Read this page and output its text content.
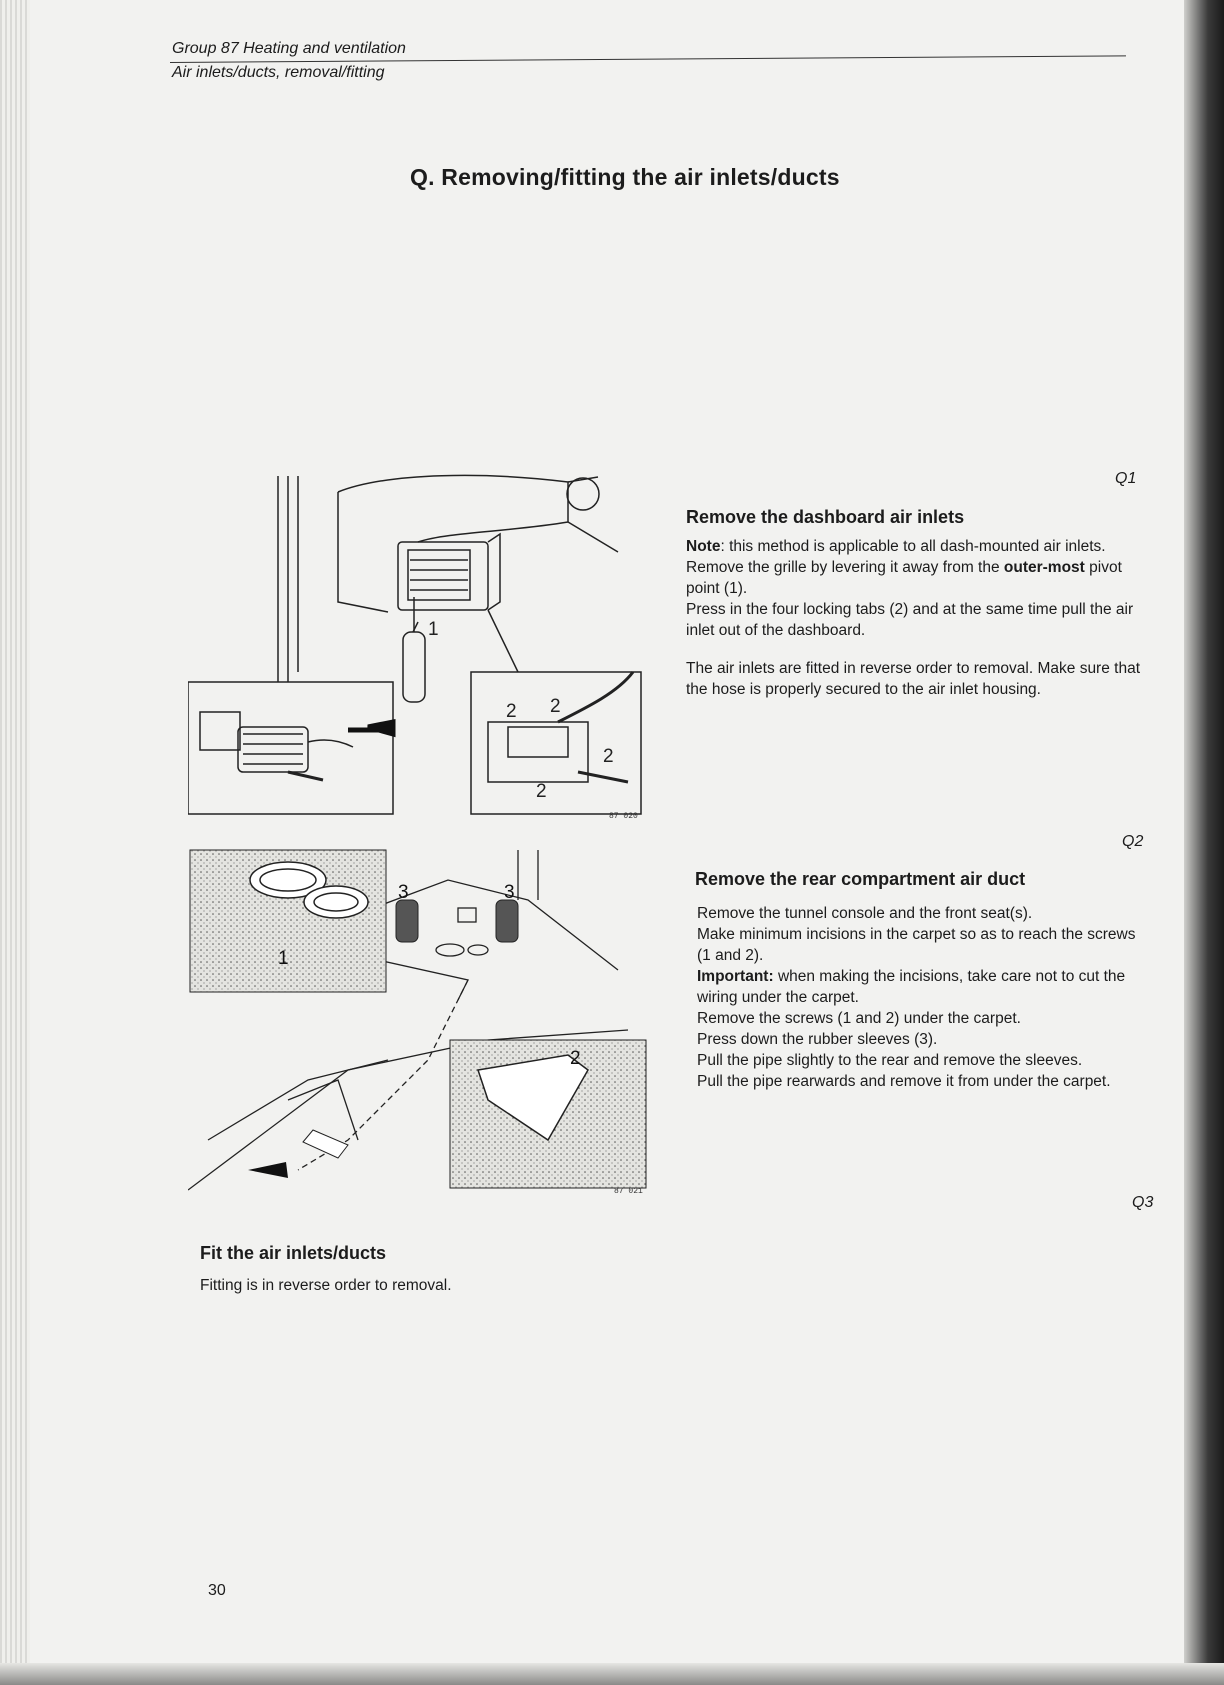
Group 87 Heating and ventilation
Air inlets/ducts, removal/fitting
Q. Removing/fitting the air inlets/ducts
1
2 2
2
2
87 020
1
2
3	3
87 021
Q1
Remove the dashboard air inlets

Note: this method is applicable to all dash-mounted air inlets.

Remove the grille by levering it away from the outer-most pivot point (1).

Press in the four locking tabs (2) and at the same time pull the air inlet out of the dashboard.

The air inlets are fitted in reverse order to removal. Make sure that the hose is properly secured to the air inlet housing.

Q2
Remove the rear compartment air duct

Remove the tunnel console and the front seat(s).

Make minimum incisions in the carpet so as to reach the screws (1 and 2).

Important: when making the incisions, take care not to cut the wiring under the carpet.

Remove the screws (1 and 2) under the carpet.

Press down the rubber sleeves (3).

Pull the pipe slightly to the rear and remove the sleeves.

Pull the pipe rearwards and remove it from under the carpet.

Q3
Fit the air inlets/ducts

Fitting is in reverse order to removal.

30
